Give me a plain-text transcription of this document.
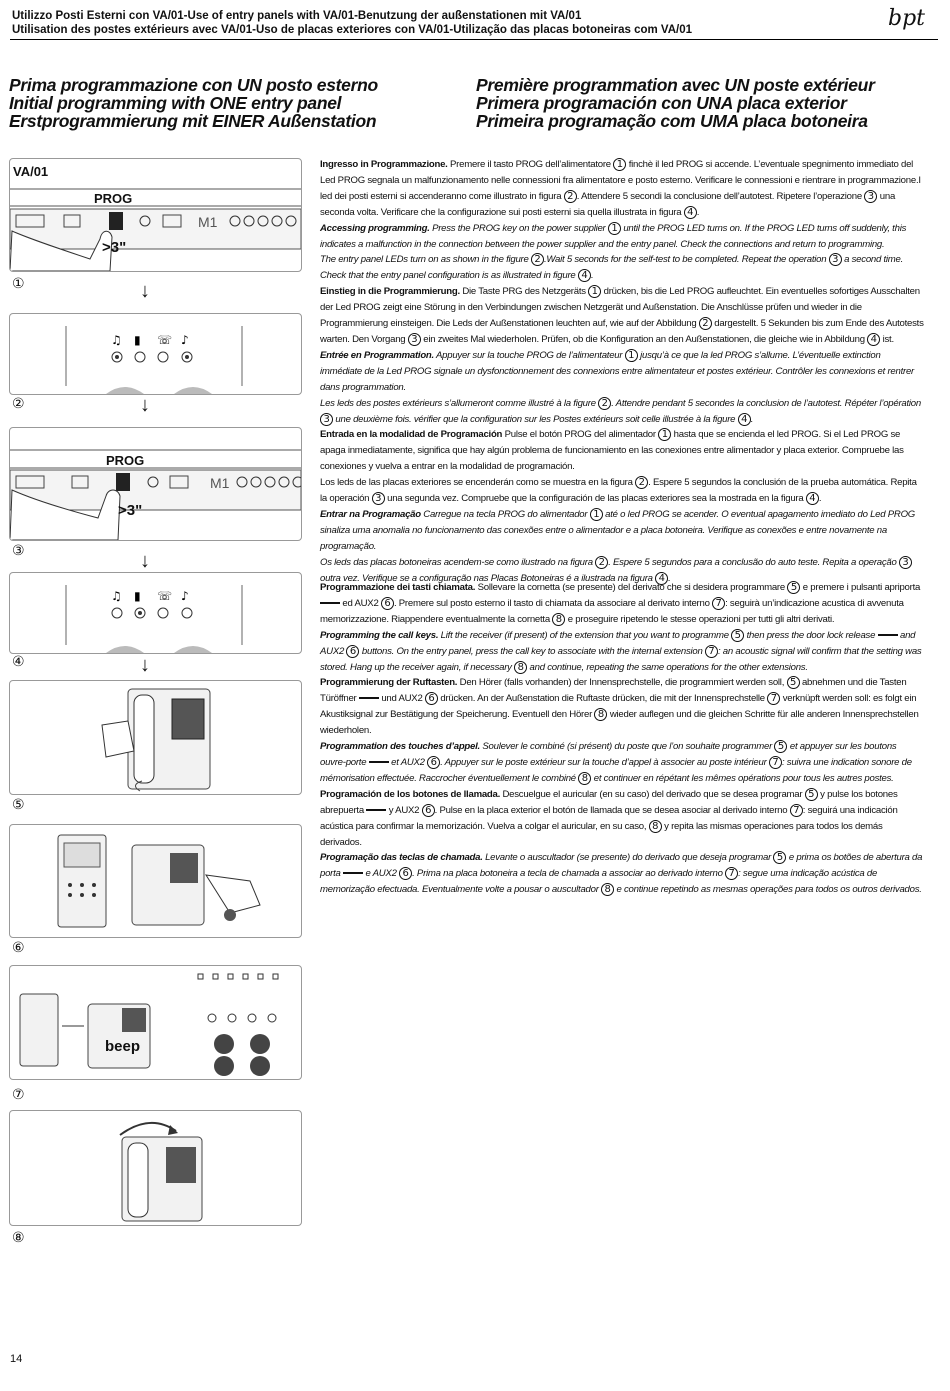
Utilizzo Posti Esterni con VA/01-Use of entry panels with VA/01-Benutzung der außenstationen mit VA/01
Utilisation des postes extérieurs avec VA/01-Uso de placas exteriores con VA/01-Utilização das placas botoneiras com VA/01	bpt
Prima programmazione con UN posto esterno
Initial programming with ONE entry panel
Erstprogrammierung mit EINER Außenstation
Première programmation avec UN poste extérieur
Primera programación con UNA placa exterior
Primeira programação com UMA placa botoneira
VA/01
PROG
M1
>3"
①	↓
♫ ▮ ☏ ♪
②	↓
PROG
M1
>3"
③	↓
♫ ▮ ☏ ♪
④	↓
⑤
⑥
beep
⑦
⑧

Ingresso in Programmazione. Premere il tasto PROG dell’alimentatore 1 finchè il led PROG si accende. L’eventuale spegnimento immediato del Led PROG segnala un malfunzionamento nelle connessioni fra alimentatore e posto esterno. Verificare le connessioni e rientrare in programmazione.I led dei posti esterni si accenderanno come illustrato in figura 2 . Attendere 5 secondi la conclusione dell’autotest. Ripetere l’operazione 3 una seconda volta. Verificare che la configurazione sui posti esterni sia quella illustrata in figura 4 .

Accessing programming. Press the PROG key on the power supplier 1 until the PROG LED turns on. If the PROG LED turns off suddenly, this indicates a malfunction in the connection between the power supplier and the entry panel. Check the connections and return to programming.

The entry panel LEDs turn on as shown in the figure 2 .Wait 5 seconds for the self-test to be completed. Repeat the operation 3 a second time. Check that the entry panel configuration is as illustrated in figure 4 .

Einstieg in die Programmierung. Die Taste PRG des Netzgeräts 1 drücken, bis die Led PROG aufleuchtet. Ein eventuelles sofortiges Ausschalten der Led PROG zeigt eine Störung in den Verbindungen zwischen Netzgerät und Außenstation. Die Anschlüsse prüfen und wieder in die Programmierung einsteigen. Die Leds der Außenstationen leuchten auf, wie auf der Abbildung 2 dargestellt. 5 Sekunden bis zum Ende des Autotests warten. Den Vorgang 3 ein zweites Mal wiederholen. Prüfen, ob die Konfiguration an den Außenstationen, die gleiche wie in Abbildung 4 ist.

Entrée en Programmation. Appuyer sur la touche PROG de l’alimentateur 1 jusqu’à ce que la led PROG s’allume. L’éventuelle extinction immédiate de la Led PROG signale un dysfonctionnement des connexions entre alimentateur et postes extérieur. Contrôler les connexions et rentrer dans programmation.

Les leds des postes extérieurs s’allumeront comme illustré à la figure 2 . Attendre pendant 5 secondes la conclusion de l’autotest. Répéter l’opération 3 une deuxième fois. vérifier que la configuration sur les Postes extérieurs soit celle illustrée à la figure 4 .

Entrada en la modalidad de Programación Pulse el botón PROG del alimentador 1 hasta que se encienda el led PROG. Si el Led PROG se apaga inmediatamente, significa que hay algún problema de funcionamiento en las conexiones entre alimentador y placa exterior. Compruebe las conexiones y vuelva a entrar en la modalidad de programación.

Los leds de las placas exteriores se encenderán como se muestra en la figura 2 . Espere 5 segundos la conclusión de la prueba automática. Repita la operación 3 una segunda vez. Compruebe que la configuración de las placas exteriores sea la mostrada en la figura 4 .

Entrar na Programação Carregue na tecla PROG do alimentador 1 até o led PROG se acender. O eventual apagamento imediato do Led PROG sinaliza uma anomalia no funcionamento das conexões entre o alimentador e a placa botoneira. Verifique as conexões e entre novamente na programação.

Os leds das placas botoneiras acendem-se como ilustrado na figura 2 . Espere 5 segundos para a conclusão do auto teste. Repita a operação 3 outra vez. Verifique se a configuração nas Placas Botoneiras é a ilustrada na figura 4 .

Programmazione dei tasti chiamata. Sollevare la cornetta (se presente) del derivato che si desidera programmare 5 e premere i pulsanti apriporta  ed AUX2 6 . Premere sul posto esterno il tasto di chiamata da associare al derivato interno 7 : seguirà un’indicazione acustica di avvenuta memorizzazione. Riappendere eventualmente la cornetta 8 e proseguire ripetendo le stesse operazioni per tutti gli altri derivati.

Programming the call keys. Lift the receiver (if present) of the extension that you want to programme 5 then press the door lock release  and AUX2 6 buttons. On the entry panel, press the call key to associate with the internal extension 7 : an acoustic signal will confirm that the setting was stored. Hang up the receiver again, if necessary 8 and continue, repeating the same operations for the other extensions.

Programmierung der Ruftasten. Den Hörer (falls vorhanden) der Innensprechstelle, die programmiert werden soll, 5 abnehmen und die Tasten Türöffner  und AUX2 6 drücken. An der Außenstation die Ruftaste drücken, die mit der Innensprechstelle 7 verknüpft werden soll: es folgt ein Akustiksignal zur Bestätigung der Speicherung. Eventuell den Hörer 8 wieder auflegen und die gleichen Schritte für alle anderen Innensprechstellen wiederholen.

Programmation des touches d’appel. Soulever le combiné (si présent) du poste que l’on souhaite programmer 5 et appuyer sur les boutons ouvre-porte  et AUX2 6 . Appuyer sur le poste extérieur sur la touche d’appel à associer au poste intérieur 7 : suivra une indication sonore de mémorisation effectuée. Raccrocher éventuellement le combiné 8 et continuer en répétant les mêmes opérations pour tous les autres postes.

Programación de los botones de llamada. Descuelgue el auricular (en su caso) del derivado que se desea programar 5 y pulse los botones abrepuerta  y AUX2 6 . Pulse en la placa exterior el botón de llamada que se desea asociar al derivado interno 7 : seguirá una indicación acústica para confirmar la memorización. Vuelva a colgar el auricular, en su caso, 8 y repita las mismas operaciones para todos los demás derivados.

Programação das teclas de chamada. Levante o auscultador (se presente) do derivado que deseja programar 5 e prima os botões de abertura da porta  e AUX2 6 . Prima na placa botoneira a tecla de chamada a associar ao derivado interno 7 : segue uma indicação acústica de memorização efectuada. Eventualmente volte a pousar o auscultador 8 e continue repetindo as mesmas operações para todos os outros derivados.

14
